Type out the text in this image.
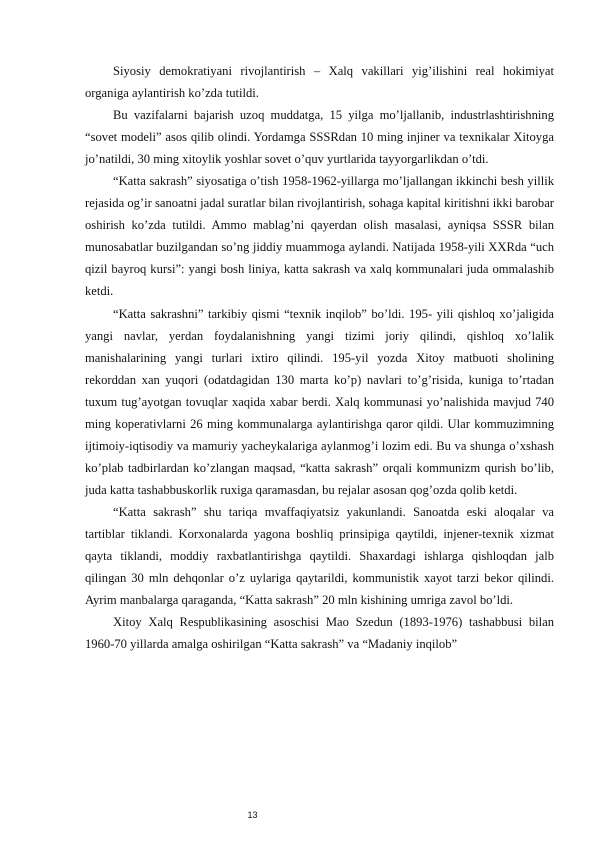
Siyosiy demokratiyani rivojlantirish – Xalq vakillari yig’ilishini real hokimiyat organiga aylantirish ko’zda tutildi.

Bu vazifalarni bajarish uzoq muddatga, 15 yilga mo’ljallanib, industrlashtirishning “sovet modeli” asos qilib olindi. Yordamga SSSRdan 10 ming injiner va texnikalar Xitoyga jo’natildi, 30 ming xitoylik yoshlar sovet o’quv yurtlarida tayyorgarlikdan o’tdi.

“Katta sakrash” siyosatiga o’tish 1958-1962-yillarga mo’ljallangan ikkinchi besh yillik rejasida og’ir sanoatni jadal suratlar bilan rivojlantirish, sohaga kapital kiritishni ikki barobar oshirish ko’zda tutildi. Ammo mablag’ni qayerdan olish masalasi, ayniqsa SSSR bilan munosabatlar buzilgandan so’ng jiddiy muammoga aylandi. Natijada 1958-yili XXRda “uch qizil bayroq kursi”: yangi bosh liniya, katta sakrash va xalq kommunalari juda ommalashib ketdi.

“Katta sakrashni” tarkibiy qismi “texnik inqilob” bo’ldi. 195- yili qishloq xo’jaligida yangi navlar, yerdan foydalanishning yangi tizimi joriy qilindi, qishloq xo’lalik manishalarining yangi turlari ixtiro qilindi. 195-yil yozda Xitoy matbuoti sholining rekorddan xan yuqori (odatdagidan 130 marta ko’p) navlari to’g’risida, kuniga to’rtadan tuxum tug’ayotgan tovuqlar xaqida xabar berdi. Xalq kommunasi yo’nalishida mavjud 740 ming koperativlarni 26 ming kommunalarga aylantirishga qaror qildi. Ular kommuzimning ijtimoiy-iqtisodiy va mamuriy yacheykalariga aylanmog’i lozim edi. Bu va shunga o’xshash ko’plab tadbirlardan ko’zlangan maqsad, “katta sakrash” orqali kommunizm qurish bo’lib, juda katta tashabbuskorlik ruxiga qaramasdan, bu rejalar asosan qog’ozda qolib ketdi.

“Katta sakrash” shu tariqa mvaffaqiyatsiz yakunlandi. Sanoatda eski aloqalar va tartiblar tiklandi. Korxonalarda yagona boshliq prinsipiga qaytildi, injener-texnik xizmat qayta tiklandi, moddiy raxbatlantirishga qaytildi. Shaxardagi ishlarga qishloqdan jalb qilingan 30 mln dehqonlar o’z uylariga qaytarildi, kommunistik xayot tarzi bekor qilindi. Ayrim manbalarga qaraganda, “Katta sakrash” 20 mln kishining umriga zavol bo’ldi.

Xitoy Xalq Respublikasining asoschisi Mao Szedun (1893-1976) tashabbusi bilan 1960-70 yillarda amalga oshirilgan “Katta sakrash” va “Madaniy inqilob”

13
